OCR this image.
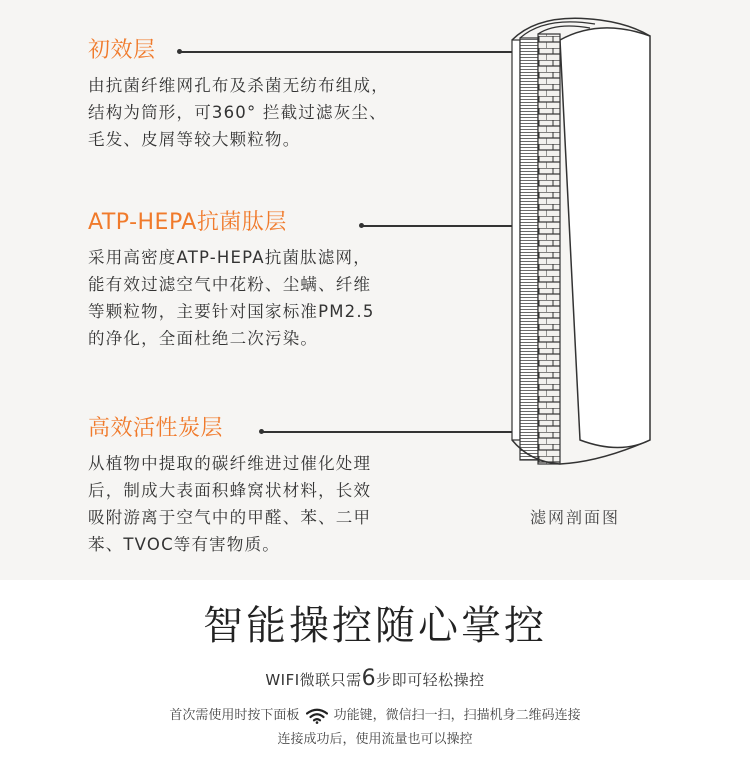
初效层
由抗菌纤维网孔布及杀菌无纺布组成，
结构为筒形，可360° 拦截过滤灰尘、
毛发、皮屑等较大颗粒物。
ATP-HEPA抗菌肽层
采用高密度ATP-HEPA抗菌肽滤网，
能有效过滤空气中花粉、尘螨、纤维
等颗粒物，主要针对国家标准PM2.5
的净化，全面杜绝二次污染。
高效活性炭层
从植物中提取的碳纤维进过催化处理
后，制成大表面积蜂窝状材料，长效
吸附游离于空气中的甲醛、苯、二甲
苯、TVOC等有害物质。
滤网剖面图
智能操控随心掌控
WIFI微联只需6步即可轻松操控
首次需使用时按下面板	功能键，微信扫一扫，扫描机身二维码连接
连接成功后，使用流量也可以操控
